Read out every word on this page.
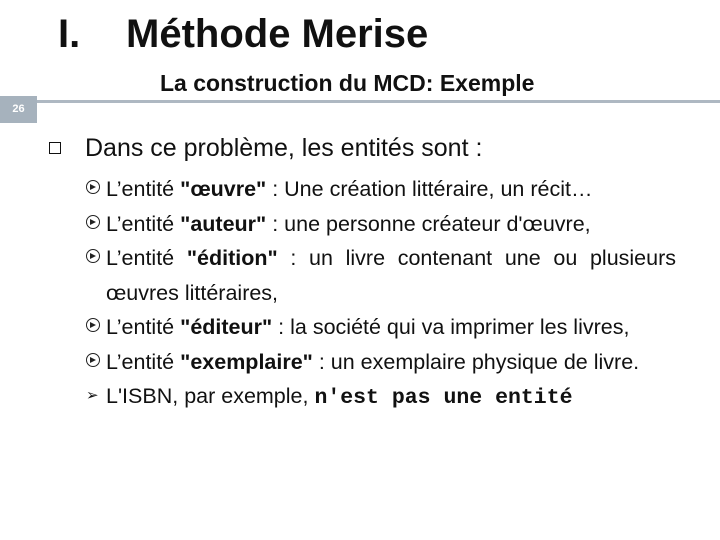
I. Méthode Merise
La construction du MCD: Exemple
26
Dans ce problème, les entités sont :
L’entité "œuvre" : Une création littéraire, un récit…
L’entité "auteur" : une personne créateur d'œuvre,
L’entité "édition" : un livre contenant une ou plusieurs œuvres littéraires,
L’entité "éditeur" : la société qui va imprimer les livres,
L’entité "exemplaire" : un exemplaire physique de livre.
➢ L'ISBN, par exemple, n'est pas une entité
